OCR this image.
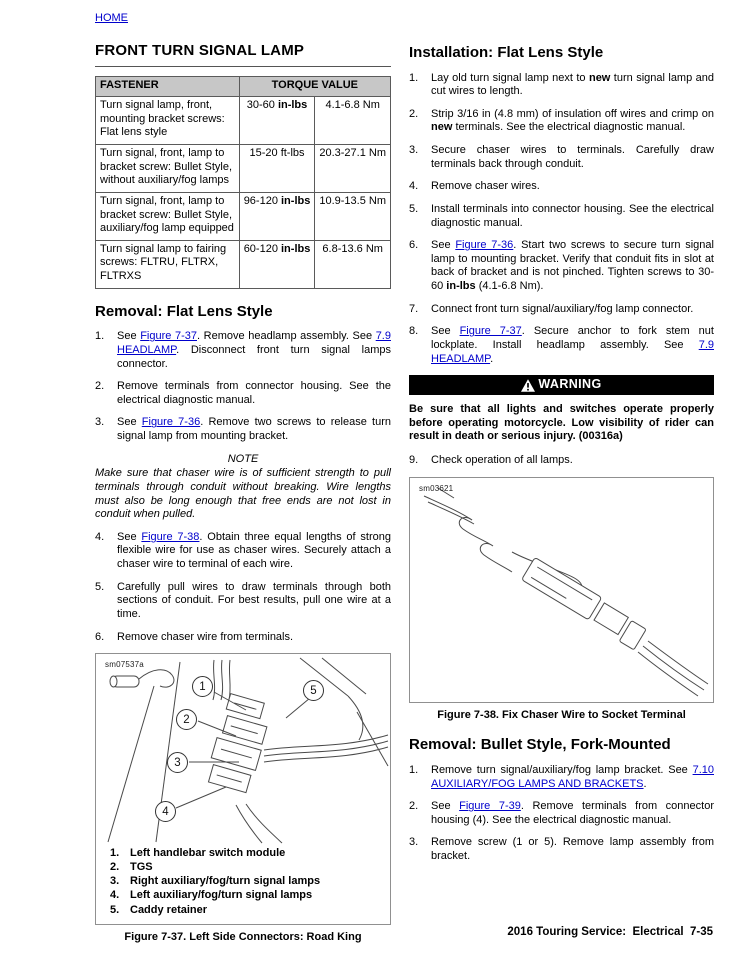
HOME
FRONT TURN SIGNAL LAMP
FASTENER	TORQUE VALUE	
Turn signal lamp, front, mounting bracket screws: Flat lens style	30-60 in-lbs	4.1-6.8 Nm
Turn signal, front, lamp to bracket screw: Bullet Style, without auxiliary/fog lamps	15-20 ft-lbs	20.3-27.1 Nm
Turn signal, front, lamp to bracket screw: Bullet Style, auxiliary/fog lamp equipped	96-120 in-lbs	10.9-13.5 Nm
Turn signal lamp to fairing screws: FLTRU, FLTRX, FLTRXS	60-120 in-lbs	6.8-13.6 Nm
Removal: Flat Lens Style
1.	See Figure 7-37. Remove headlamp assembly. See 7.9 HEADLAMP. Disconnect front turn signal lamps connector.
2.	Remove terminals from connector housing. See the electrical diagnostic manual.
3.	See Figure 7-36. Remove two screws to release turn signal lamp from mounting bracket.
NOTE
Make sure that chaser wire is of sufficient strength to pull terminals through conduit without breaking. Wire lengths must also be long enough that free ends are not lost in conduit when pulled.
4.	See Figure 7-38. Obtain three equal lengths of strong flexible wire for use as chaser wires. Securely attach a chaser wire to terminal of each wire.
5.	Carefully pull wires to draw terminals through both sections of conduit. For best results, pull one wire at a time.
6.	Remove chaser wire from terminals.
sm07537a
1
2
3
4
5
1. Left handlebar switch module
2. TGS
3. Right auxiliary/fog/turn signal lamps
4. Left auxiliary/fog/turn signal lamps
5. Caddy retainer
Figure 7-37. Left Side Connectors: Road King
Installation: Flat Lens Style
1.	Lay old turn signal lamp next to new turn signal lamp and cut wires to length.
2.	Strip 3/16 in (4.8 mm) of insulation off wires and crimp on new terminals. See the electrical diagnostic manual.
3.	Secure chaser wires to terminals. Carefully draw terminals back through conduit.
4.	Remove chaser wires.
5.	Install terminals into connector housing. See the electrical diagnostic manual.
6.	See Figure 7-36. Start two screws to secure turn signal lamp to mounting bracket. Verify that conduit fits in slot at back of bracket and is not pinched. Tighten screws to 30-60 in-lbs (4.1-6.8 Nm).
7.	Connect front turn signal/auxiliary/fog lamp connector.
8.	See Figure 7-37. Secure anchor to fork stem nut lockplate. Install headlamp assembly. See 7.9 HEADLAMP.
WARNING
Be sure that all lights and switches operate properly before operating motorcycle. Low visibility of rider can result in death or serious injury. (00316a)
9.	Check operation of all lamps.
sm03621
Figure 7-38. Fix Chaser Wire to Socket Terminal
Removal: Bullet Style, Fork-Mounted
1.	Remove turn signal/auxiliary/fog lamp bracket. See 7.10 AUXILIARY/FOG LAMPS AND BRACKETS.
2.	See Figure 7-39. Remove terminals from connector housing (4). See the electrical diagnostic manual.
3.	Remove screw (1 or 5). Remove lamp assembly from bracket.
2016 Touring Service:  Electrical  7-35
